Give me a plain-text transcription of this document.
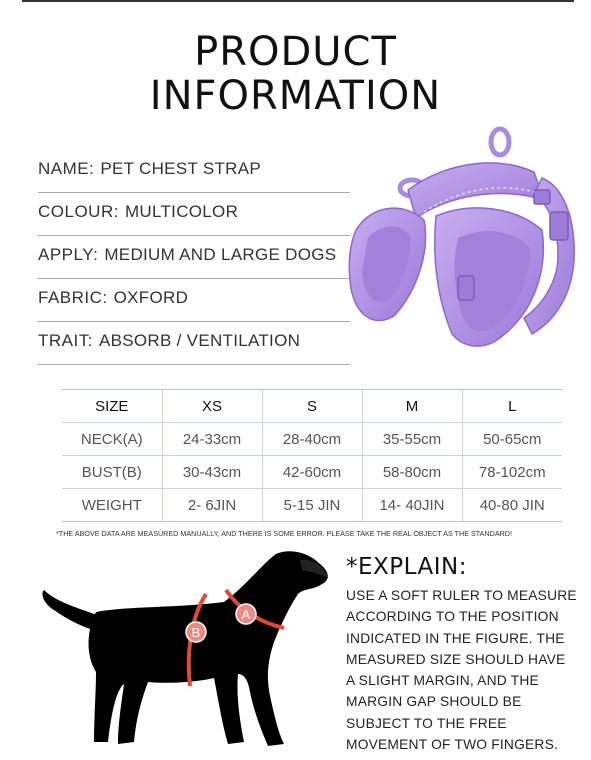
PRODUCT
INFORMATION
NAME: PET CHEST STRAP
COLOUR: MULTICOLOR
APPLY: MEDIUM AND LARGE DOGS
FABRIC: OXFORD
TRAIT: ABSORB / VENTILATION
SIZE	XS	S	M	L
NECK(A)	24-33cm	28-40cm	35-55cm	50-65cm
BUST(B)	30-43cm	42-60cm	58-80cm	78-102cm
WEIGHT	2- 6JIN	5-15 JIN	14- 40JIN	40-80 JIN
*THE ABOVE DATA ARE MEASURED MANUALLY, AND THERE IS SOME ERROR. PLEASE TAKE THE REAL OBJECT AS THE STANDARD!
A
B
*EXPLAIN:
USE A SOFT RULER TO MEASURE
ACCORDING TO THE POSITION
INDICATED IN THE FIGURE. THE
MEASURED SIZE SHOULD HAVE
A SLIGHT MARGIN, AND THE
MARGIN GAP SHOULD BE
SUBJECT TO THE FREE
MOVEMENT OF TWO FINGERS.
